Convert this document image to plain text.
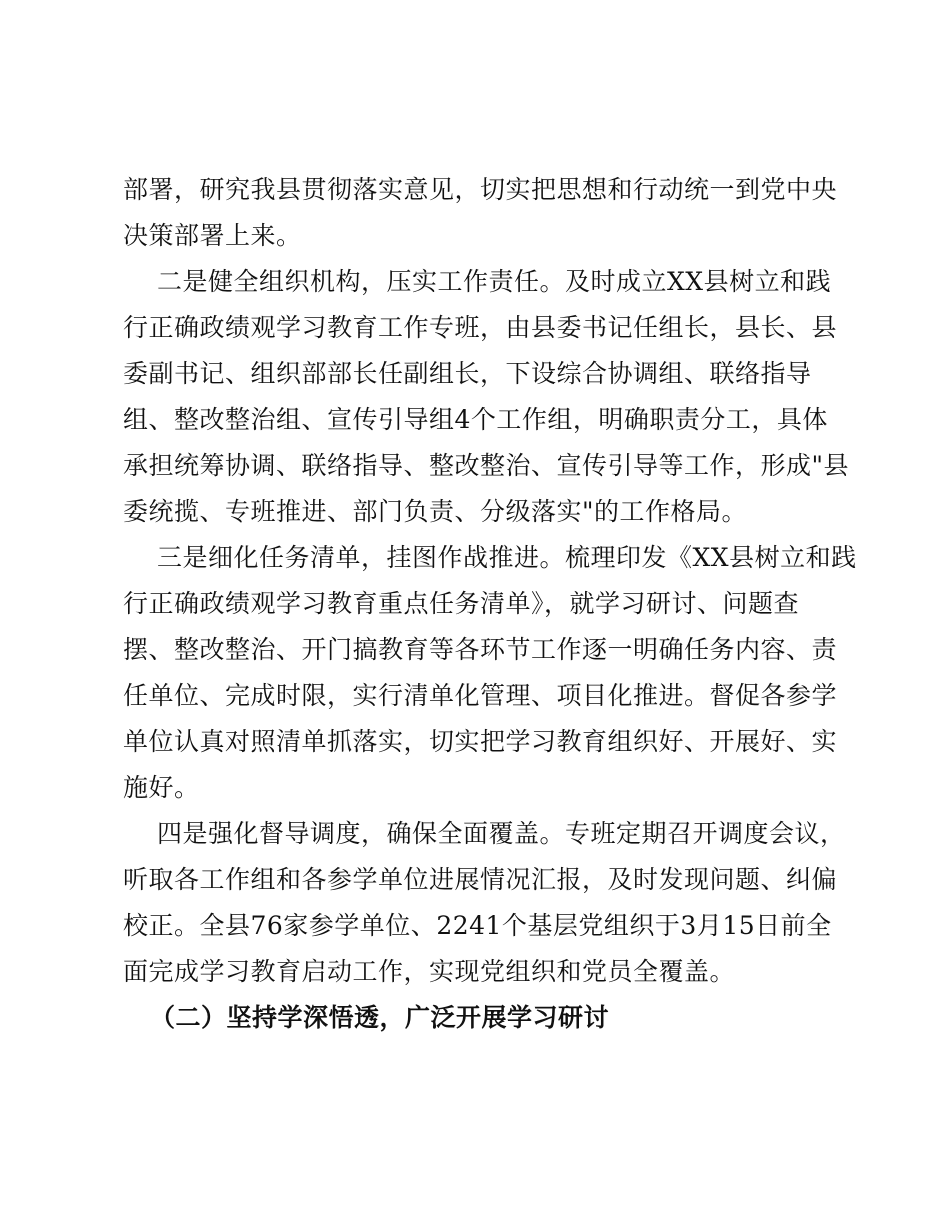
部署，研究我县贯彻落实意见，切实把思想和行动统一到党中央
决策部署上来。
二是健全组织机构，压实工作责任。及时成立XX县树立和践
行正确政绩观学习教育工作专班，由县委书记任组长，县长、县
委副书记、组织部部长任副组长，下设综合协调组、联络指导
组、整改整治组、宣传引导组4个工作组，明确职责分工，具体
承担统筹协调、联络指导、整改整治、宣传引导等工作，形成"县
委统揽、专班推进、部门负责、分级落实"的工作格局。
三是细化任务清单，挂图作战推进。梳理印发《XX县树立和践
行正确政绩观学习教育重点任务清单》，就学习研讨、问题查
摆、整改整治、开门搞教育等各环节工作逐一明确任务内容、责
任单位、完成时限，实行清单化管理、项目化推进。督促各参学
单位认真对照清单抓落实，切实把学习教育组织好、开展好、实
施好。
四是强化督导调度，确保全面覆盖。专班定期召开调度会议，
听取各工作组和各参学单位进展情况汇报，及时发现问题、纠偏
校正。全县76家参学单位、2241个基层党组织于3月15日前全
面完成学习教育启动工作，实现党组织和党员全覆盖。
（二）坚持学深悟透，广泛开展学习研讨
